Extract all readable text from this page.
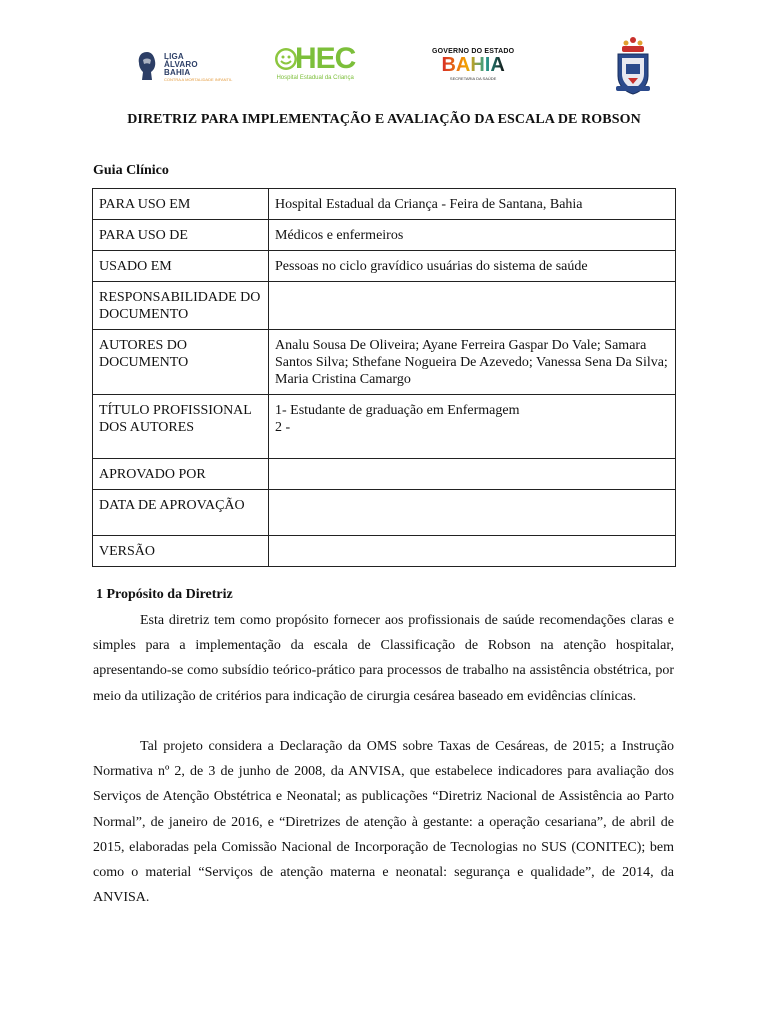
LIGA
ÁLVARO
BAHIA
CONTRA A MORTALIDADE INFANTIL
HEC
Hospital Estadual da Criança
GOVERNO DO ESTADO
BAHIA
SECRETARIA DA SAÚDE
DIRETRIZ PARA IMPLEMENTAÇÃO E AVALIAÇÃO DA ESCALA DE ROBSON
Guia Clínico
PARA USO EM	Hospital Estadual da Criança - Feira de Santana, Bahia
PARA USO DE	Médicos e enfermeiros
USADO EM	Pessoas no ciclo gravídico usuárias do sistema de saúde
RESPONSABILIDADE DO DOCUMENTO	
AUTORES DO DOCUMENTO	Analu Sousa De Oliveira; Ayane Ferreira Gaspar Do Vale; Samara Santos Silva; Sthefane Nogueira De Azevedo; Vanessa Sena Da Silva; Maria Cristina Camargo
TÍTULO PROFISSIONAL DOS AUTORES	1- Estudante de graduação em Enfermagem
2 -

APROVADO POR	
DATA DE APROVAÇÃO	
VERSÃO	
1 Propósito da Diretriz

Esta diretriz tem como propósito fornecer aos profissionais de saúde recomendações claras e simples para a implementação da escala de Classificação de Robson na atenção hospitalar, apresentando-se como subsídio teórico-prático para processos de trabalho na assistência obstétrica, por meio da utilização de critérios para indicação de cirurgia cesárea baseado em evidências clínicas.

Tal projeto considera a Declaração da OMS sobre Taxas de Cesáreas, de 2015; a Instrução Normativa nº 2, de 3 de junho de 2008, da ANVISA, que estabelece indicadores para avaliação dos Serviços de Atenção Obstétrica e Neonatal; as publicações “Diretriz Nacional de Assistência ao Parto Normal”, de janeiro de 2016, e “Diretrizes de atenção à gestante: a operação cesariana”, de abril de 2015, elaboradas pela Comissão Nacional de Incorporação de Tecnologias no SUS (CONITEC); bem como o material “Serviços de atenção materna e neonatal: segurança e qualidade”, de 2014, da ANVISA.
